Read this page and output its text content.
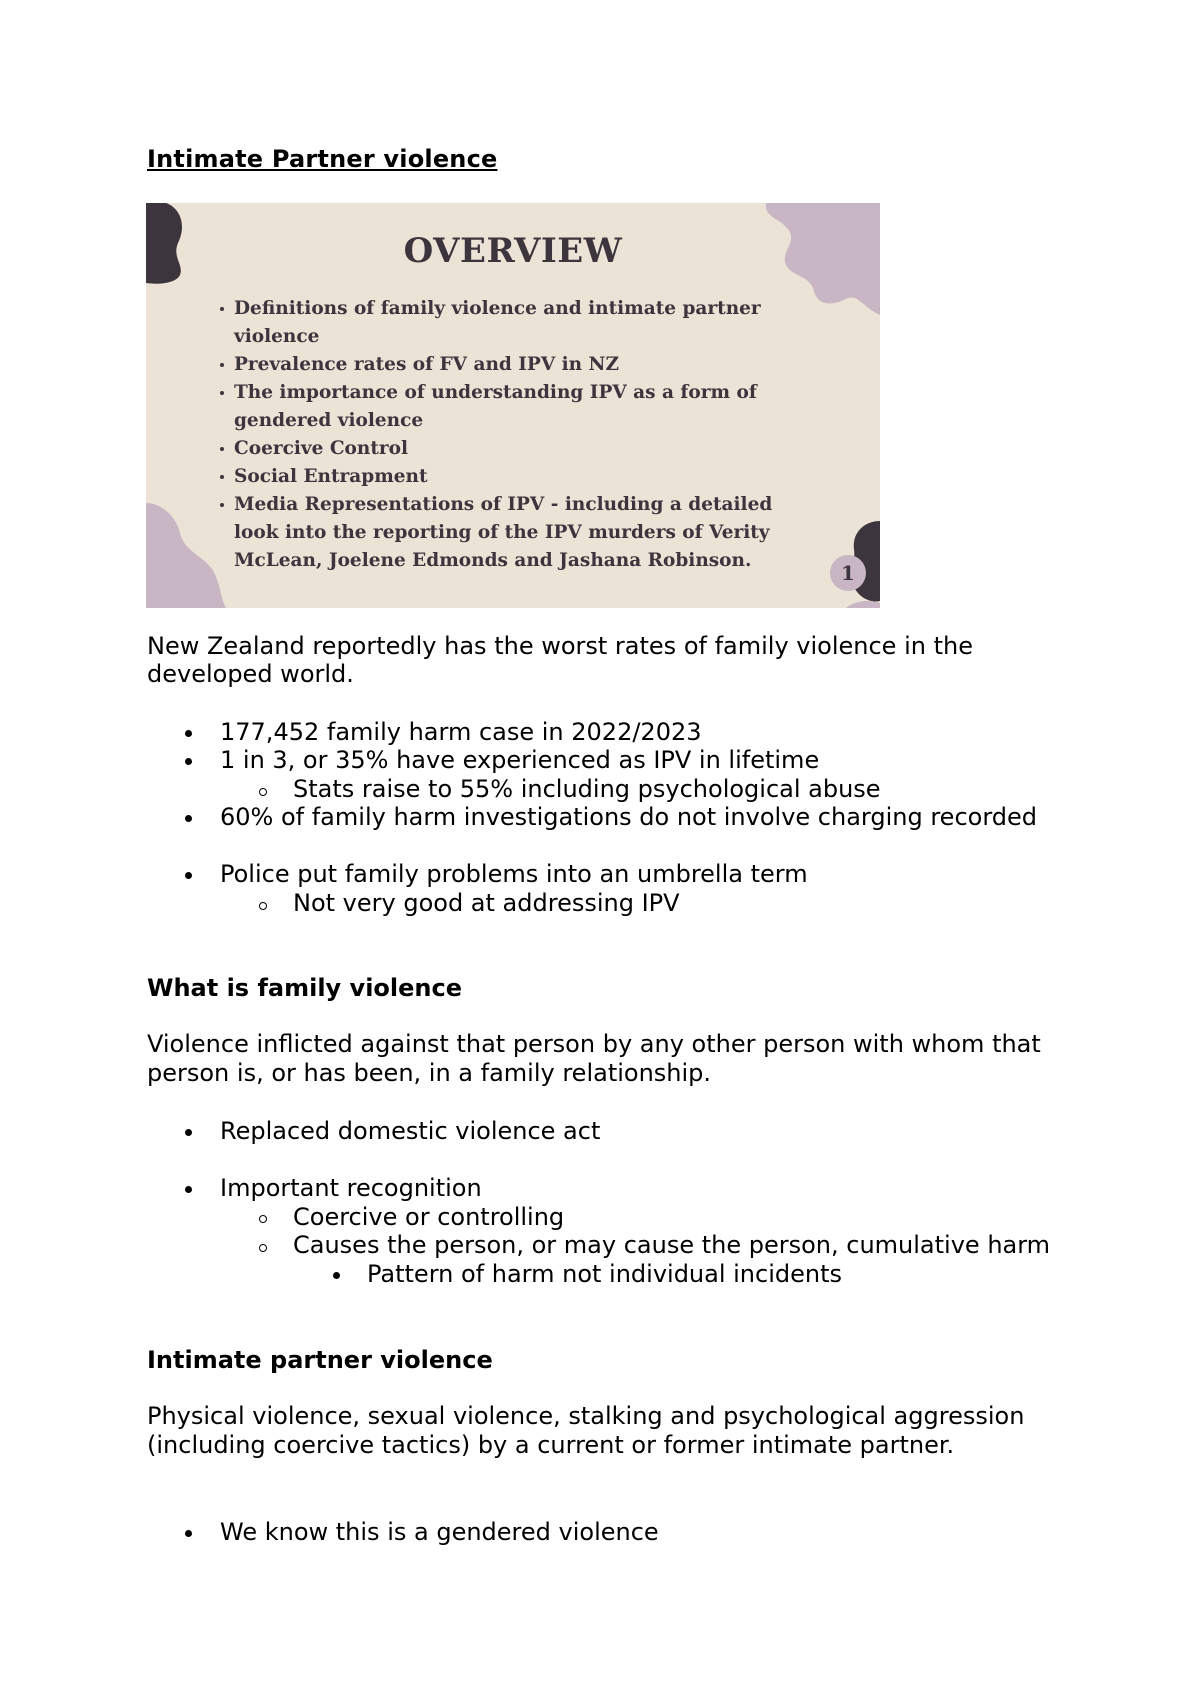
Intimate Partner violence
OVERVIEW
Definitions of family violence and intimate partner violence
Prevalence rates of FV and IPV in NZ
The importance of understanding IPV as a form of gendered violence
Coercive Control
Social Entrapment
Media Representations of IPV - including a detailed look into the reporting of the IPV murders of Verity McLean, Joelene Edmonds and Jashana Robinson.
1
New Zealand reportedly has the worst rates of family violence in the
developed world.
177,452 family harm case in 2022/2023
1 in 3, or 35% have experienced as IPV in lifetime
Stats raise to 55% including psychological abuse
60% of family harm investigations do not involve charging recorded
Police put family problems into an umbrella term
Not very good at addressing IPV
What is family violence
Violence inflicted against that person by any other person with whom that
person is, or has been, in a family relationship.
Replaced domestic violence act
Important recognition
Coercive or controlling
Causes the person, or may cause the person, cumulative harm
Pattern of harm not individual incidents
Intimate partner violence
Physical violence, sexual violence, stalking and psychological aggression
(including coercive tactics) by a current or former intimate partner.
We know this is a gendered violence
